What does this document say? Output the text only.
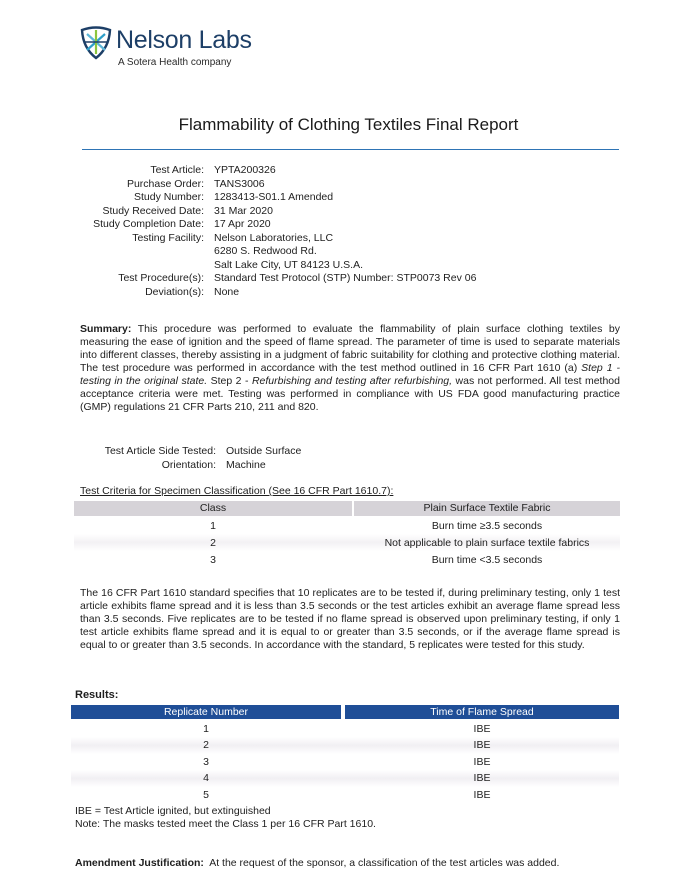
Nelson Labs
A Sotera Health company
Flammability of Clothing Textiles Final Report
Test Article: YPTA200326
Purchase Order: TANS3006
Study Number: 1283413-S01.1 Amended
Study Received Date: 31 Mar 2020
Study Completion Date: 17 Apr 2020
Testing Facility: Nelson Laboratories, LLC
6280 S. Redwood Rd.
Salt Lake City, UT 84123 U.S.A.
Test Procedure(s): Standard Test Protocol (STP) Number: STP0073 Rev 06
Deviation(s): None
Summary: This procedure was performed to evaluate the flammability of plain surface clothing textiles by measuring the ease of ignition and the speed of flame spread. The parameter of time is used to separate materials into different classes, thereby assisting in a judgment of fabric suitability for clothing and protective clothing material. The test procedure was performed in accordance with the test method outlined in 16 CFR Part 1610 (a) Step 1 - testing in the original state. Step 2 - Refurbishing and testing after refurbishing, was not performed. All test method acceptance criteria were met. Testing was performed in compliance with US FDA good manufacturing practice (GMP) regulations 21 CFR Parts 210, 211 and 820.
Test Article Side Tested: Outside Surface
Orientation: Machine
Test Criteria for Specimen Classification (See 16 CFR Part 1610.7):
Class	Plain Surface Textile Fabric
1	Burn time ≥3.5 seconds
2	Not applicable to plain surface textile fabrics
3	Burn time <3.5 seconds
The 16 CFR Part 1610 standard specifies that 10 replicates are to be tested if, during preliminary testing, only 1 test article exhibits flame spread and it is less than 3.5 seconds or the test articles exhibit an average flame spread less than 3.5 seconds. Five replicates are to be tested if no flame spread is observed upon preliminary testing, if only 1 test article exhibits flame spread and it is equal to or greater than 3.5 seconds, or if the average flame spread is equal to or greater than 3.5 seconds. In accordance with the standard, 5 replicates were tested for this study.
Results:
Replicate Number	Time of Flame Spread
1	IBE
2	IBE
3	IBE
4	IBE
5	IBE
IBE = Test Article ignited, but extinguished
Note: The masks tested meet the Class 1 per 16 CFR Part 1610.
Amendment Justification: At the request of the sponsor, a classification of the test articles was added.
